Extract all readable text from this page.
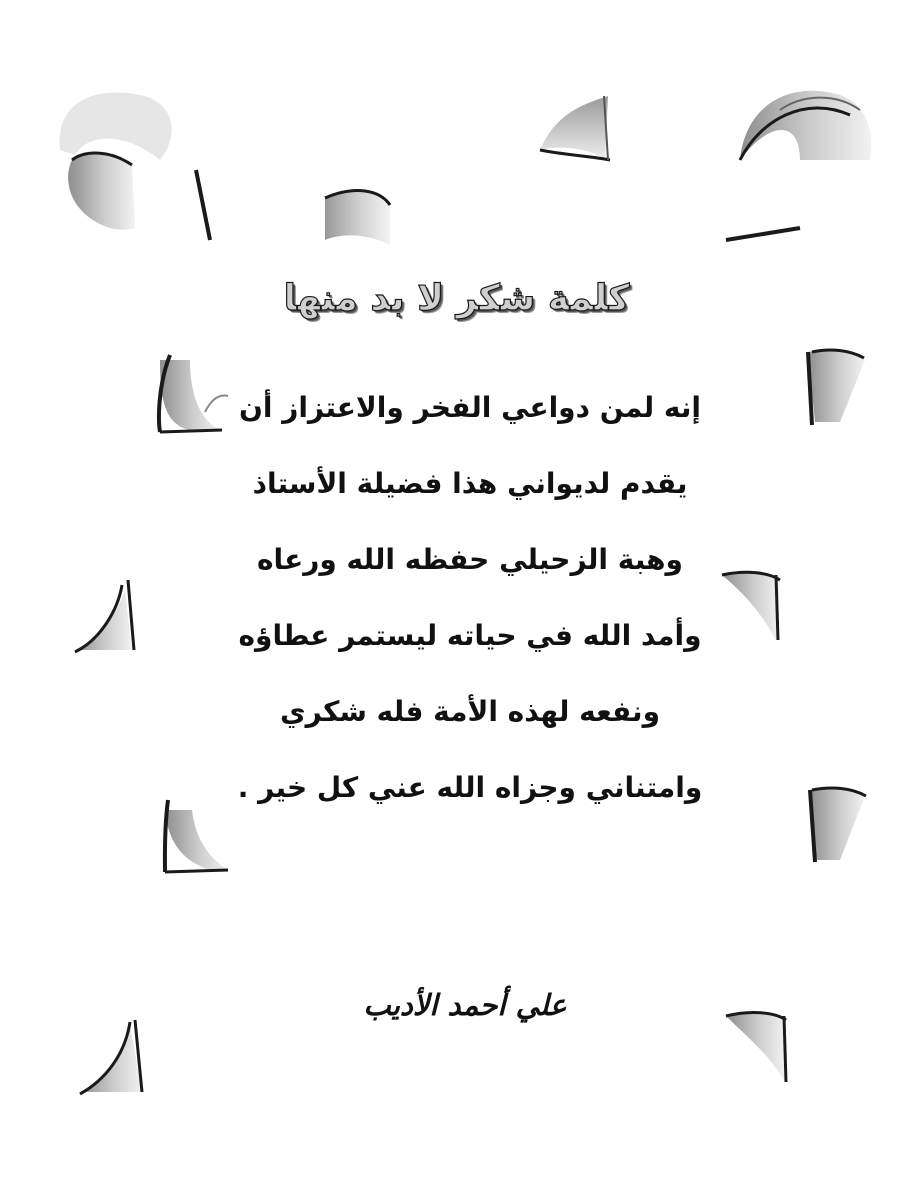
كلمة شكر لا بد منها
إنه لمن دواعي الفخر والاعتزاز أن
يقدم لديواني هذا فضيلة الأستاذ
وهبة الزحيلي حفظه الله ورعاه
وأمد الله في حياته ليستمر عطاؤه
ونفعه لهذه الأمة فله شكري
وامتناني وجزاه الله عني كل خير .
علي أحمد الأديب
